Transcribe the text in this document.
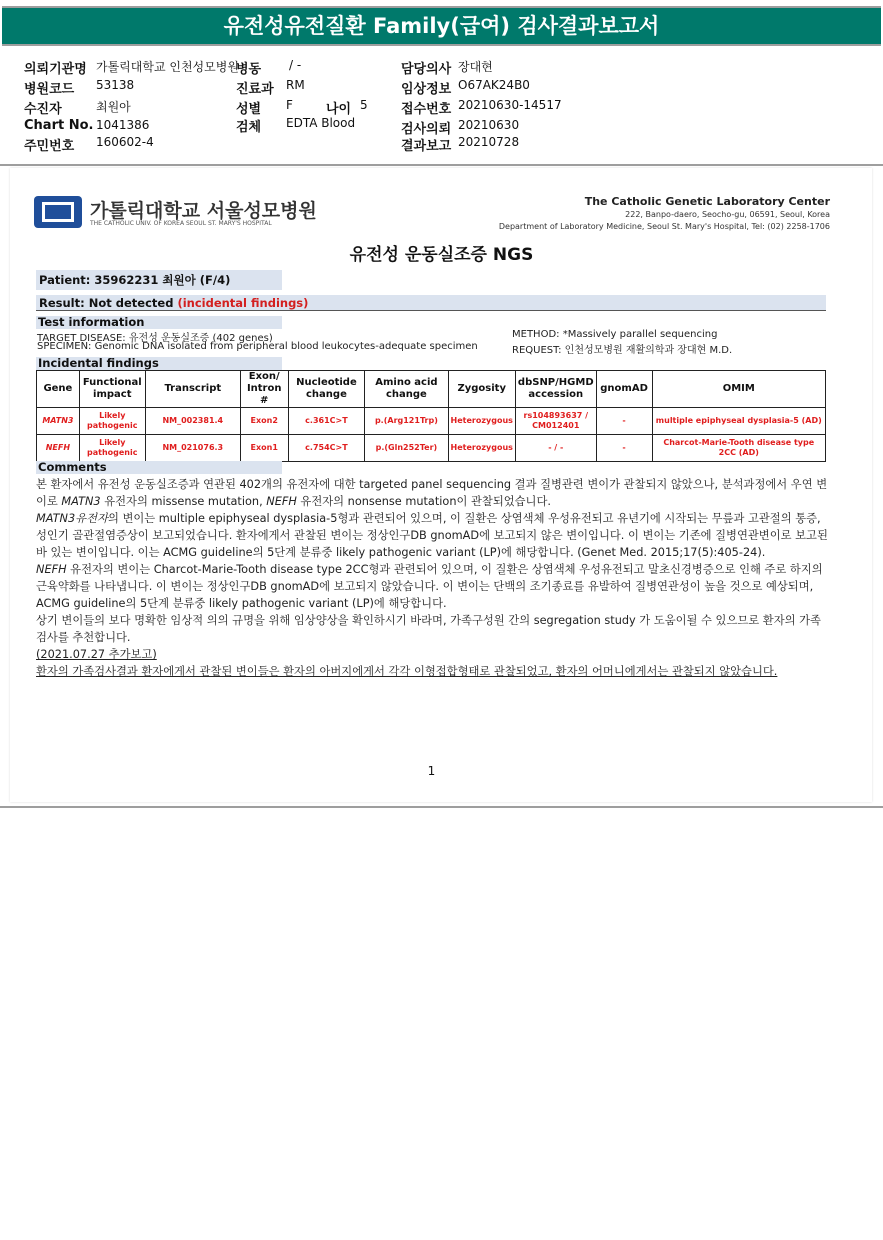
유전성유전질환 Family(급여) 검사결과보고서
의뢰기관명 가톨릭대학교 인천성모병원
병동 / -	담당의사 장대현
병원코드 53138	진료과 RM	임상정보 O67AK24B0
수진자	최원아	성별 F	나이 5	접수번호 20210630-14517
Chart No. 1041386	검체 EDTA Blood	검사의뢰 20210630
주민번호 160602-4	결과보고 20210728
가톨릭대학교 서울성모병원
THE CATHOLIC UNIV. OF KOREA SEOUL ST. MARY'S HOSPITAL
The Catholic Genetic Laboratory Center
222, Banpo-daero, Seocho-gu, 06591, Seoul, Korea
Department of Laboratory Medicine, Seoul St. Mary's Hospital, Tel: (02) 2258-1706
유전성 운동실조증 NGS
Patient: 35962231 최원아 (F/4)
Result: Not detected (incidental findings)
Test information
TARGET DISEASE: 유전성 운동실조증 (402 genes)
SPECIMEN: Genomic DNA isolated from peripheral blood leukocytes-adequate specimen
METHOD: *Massively parallel sequencing
REQUEST: 인천성모병원 재활의학과 장대현 M.D.
Incidental findings
Gene	Functional impact	Transcript	Exon/ Intron #	Nucleotide change	Amino acid change	Zygosity	dbSNP/HGMD accession	gnomAD	OMIM
MATN3	Likely pathogenic	NM_002381.4	Exon2	c.361C>T	p.(Arg121Trp)	Heterozygous	rs104893637 / CM012401	-	multiple epiphyseal dysplasia-5 (AD)
NEFH	Likely pathogenic	NM_021076.3	Exon1	c.754C>T	p.(Gln252Ter)	Heterozygous	- / -	-	Charcot-Marie-Tooth disease type 2CC (AD)
Comments

본 환자에서 유전성 운동실조증과 연관된 402개의 유전자에 대한 targeted panel sequencing 결과 질병관련 변이가 관찰되지 않았으나, 분석과정에서 우연 변이로 MATN3 유전자의 missense mutation, NEFH 유전자의 nonsense mutation이 관찰되었습니다.

MATN3유전자의 변이는 multiple epiphyseal dysplasia-5형과 관련되어 있으며, 이 질환은 상염색체 우성유전되고 유년기에 시작되는 무릎과 고관절의 통증, 성인기 골관절염증상이 보고되었습니다. 환자에게서 관찰된 변이는 정상인구DB gnomAD에 보고되지 않은 변이입니다. 이 변이는 기존에 질병연관변이로 보고된 바 있는 변이입니다. 이는 ACMG guideline의 5단계 분류중 likely pathogenic variant (LP)에 해당합니다. (Genet Med. 2015;17(5):405-24).

NEFH 유전자의 변이는 Charcot-Marie-Tooth disease type 2CC형과 관련되어 있으며, 이 질환은 상염색체 우성유전되고 말초신경병증으로 인해 주로 하지의 근육약화를 나타냅니다. 이 변이는 정상인구DB gnomAD에 보고되지 않았습니다. 이 변이는 단백의 조기종료를 유발하여 질병연관성이 높을 것으로 예상되며, ACMG guideline의 5단계 분류중 likely pathogenic variant (LP)에 해당합니다.

상기 변이들의 보다 명확한 임상적 의의 규명을 위해 임상양상을 확인하시기 바라며, 가족구성원 간의 segregation study 가 도움이될 수 있으므로 환자의 가족검사를 추천합니다.

(2021.07.27 추가보고)

환자의 가족검사결과 환자에게서 관찰된 변이들은 환자의 아버지에게서 각각 이형접합형태로 관찰되었고, 환자의 어머니에게서는 관찰되지 않았습니다.

1
